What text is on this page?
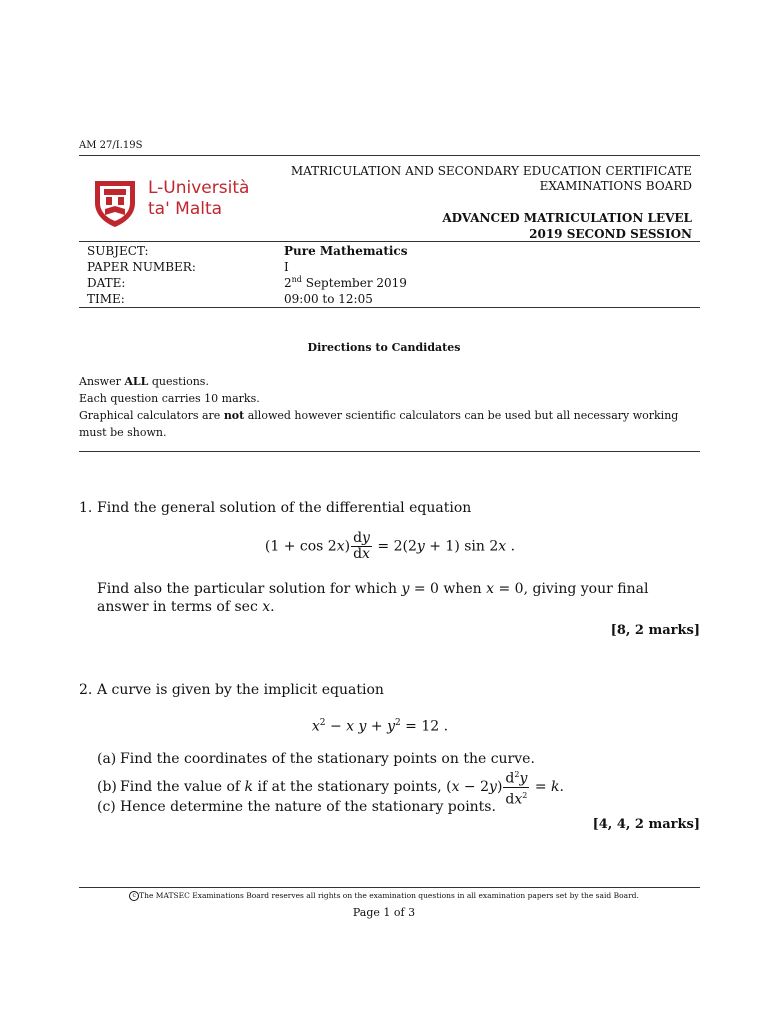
AM 27/I.19S
L-Università
ta' Malta
MATRICULATION AND SECONDARY EDUCATION CERTIFICATE
EXAMINATIONS BOARD
ADVANCED MATRICULATION LEVEL
2019 SECOND SESSION
SUBJECT:
PAPER NUMBER:
DATE:
TIME:
Pure Mathematics
I
2nd September 2019
09:00 to 12:05
Directions to Candidates
Answer ALL questions.
Each question carries 10 marks.
Graphical calculators are not allowed however scientific calculators can be used but all necessary working must be shown.
1. Find the general solution of the differential equation
$(1 + \cos 2x) \frac{dy}{dx} = 2(2y + 1)$ sin 2x .
Find also the particular solution for which y = 0 when x = 0, giving your final answer in terms of sec x.
[8, 2 marks]
2. A curve is given by the implicit equation
$x^2 - x$ $y + y^2 = 12$ .
(a) Find the coordinates of the stationary points on the curve.
(b) Find the value of k if at the stationary points, $(x - 2y) \frac{d^2y}{dx^2} = k$.
(c) Hence determine the nature of the stationary points.
[4, 4, 2 marks]
c The MATSEC Examinations Board reserves all rights on the examination questions in all examination papers set by the said Board.
Page 1 of 3
